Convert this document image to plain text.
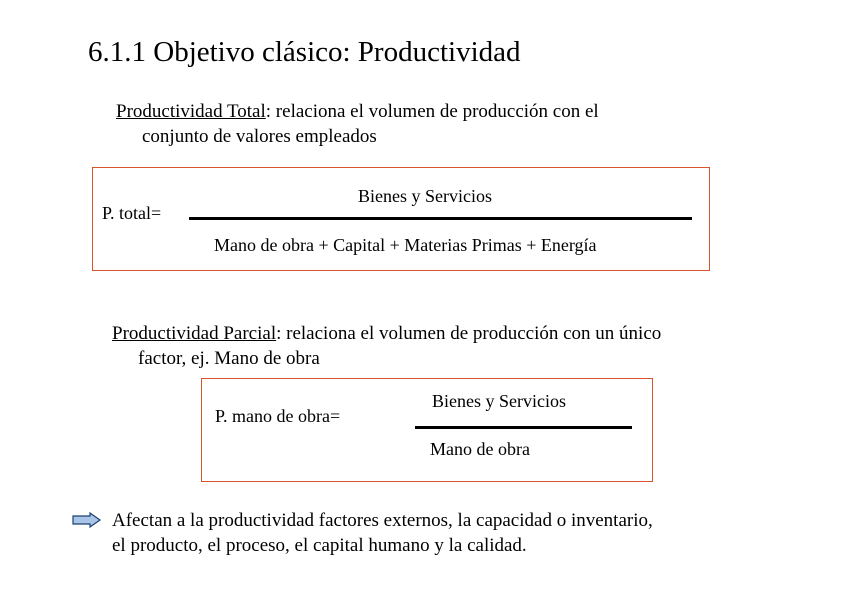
6.1.1 Objetivo clásico: Productividad
Productividad Total: relaciona el volumen de producción con el
conjunto de valores empleados
P. total=
Bienes y Servicios
Mano de obra + Capital + Materias Primas + Energía
Productividad Parcial: relaciona el volumen de producción con un único
factor, ej. Mano de obra
P. mano de obra=
Bienes y Servicios
Mano de obra
Afectan a la productividad factores externos, la capacidad o inventario,
el producto, el proceso, el capital humano y la calidad.
